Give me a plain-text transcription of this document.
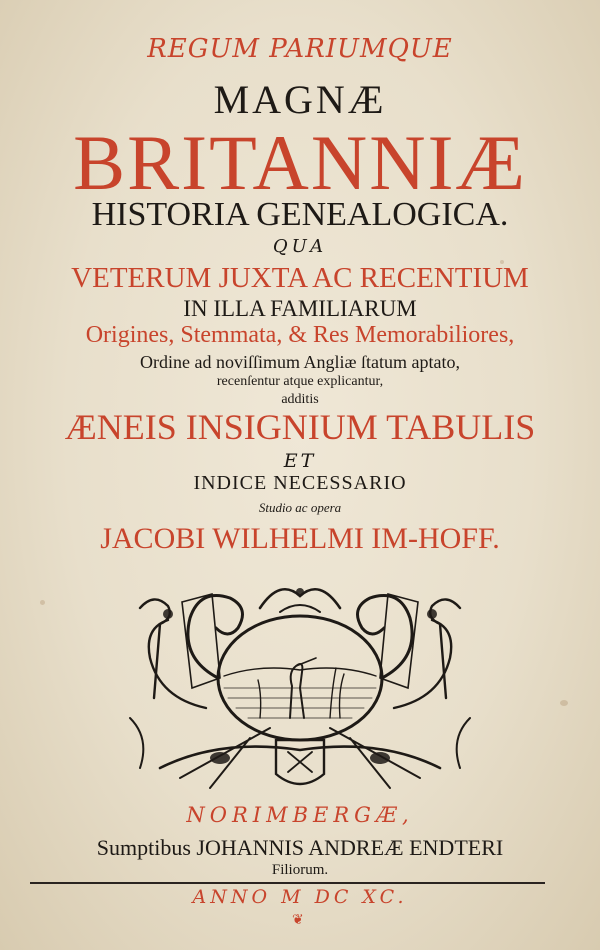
REGUM PARIUMQUE
MAGNÆ
BRITANNIÆ
HISTORIA GENEALOGICA.
QUA
VETERUM JUXTA AC RECENTIUM
IN ILLA FAMILIARUM
Origines, Stemmata, & Res Memorabiliores,
Ordine ad noviſſimum Angliæ ſtatum aptato,
recenſentur atque explicantur,
additis
ÆNEIS INSIGNIUM TABULIS
ET
INDICE NECESSARIO
Studio ac opera
JACOBI WILHELMI IM-HOFF.
NORIMBERGÆ,
Sumptibus JOHANNIS ANDREÆ ENDTERI
Filiorum.
ANNO M DC XC.
❦
